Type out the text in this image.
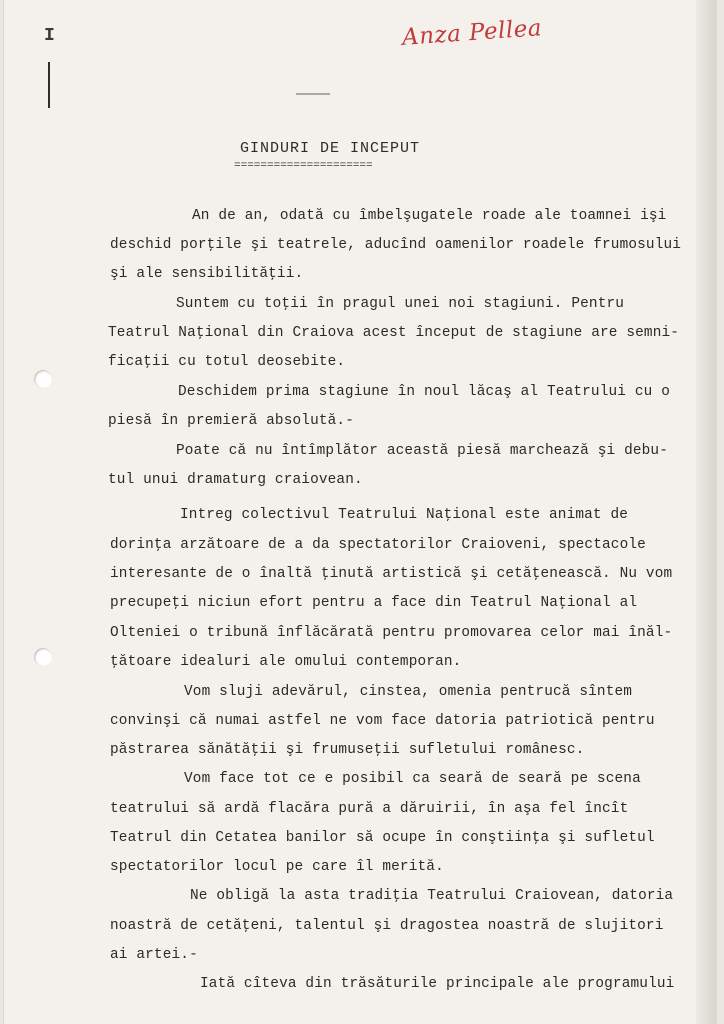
I	Anza Pellea
GINDURI DE INCEPUT
=====================
An de an, odată cu îmbelşugatele roade ale toamnei işi
deschid porţile şi teatrele, aducînd oamenilor roadele frumosului
şi ale sensibilităţii.
Suntem cu toţii în pragul unei noi stagiuni. Pentru
Teatrul Naţional din Craiova acest început de stagiune are semni-
ficaţii cu totul deosebite.
Deschidem prima stagiune în noul lăcaş al Teatrului cu o
piesă în premieră absolută.-
Poate că nu întîmplător această piesă marchează şi debu-
tul unui dramaturg craiovean.
Intreg colectivul Teatrului Naţional este animat de
dorinţa arzătoare de a da spectatorilor Craioveni, spectacole
interesante de o înaltă ţinută artistică şi cetăţenească. Nu vom
precupeţi niciun efort pentru a face din Teatrul Naţional al
Olteniei o tribună înflăcărată pentru promovarea celor mai înăl-
ţătoare idealuri ale omului contemporan.
Vom sluji adevărul, cinstea, omenia pentrucă sîntem
convinşi că numai astfel ne vom face datoria patriotică pentru
păstrarea sănătăţii şi frumuseţii sufletului românesc.
Vom face tot ce e posibil ca seară de seară pe scena
teatrului să ardă flacăra pură a dăruirii, în aşa fel încît
Teatrul din Cetatea banilor să ocupe în conştiinţa şi sufletul
spectatorilor locul pe care îl merită.
Ne obligă la asta tradiţia Teatrului Craiovean, datoria
noastră de cetăţeni, talentul şi dragostea noastră de slujitori
ai artei.-
Iată cîteva din trăsăturile principale ale programului
